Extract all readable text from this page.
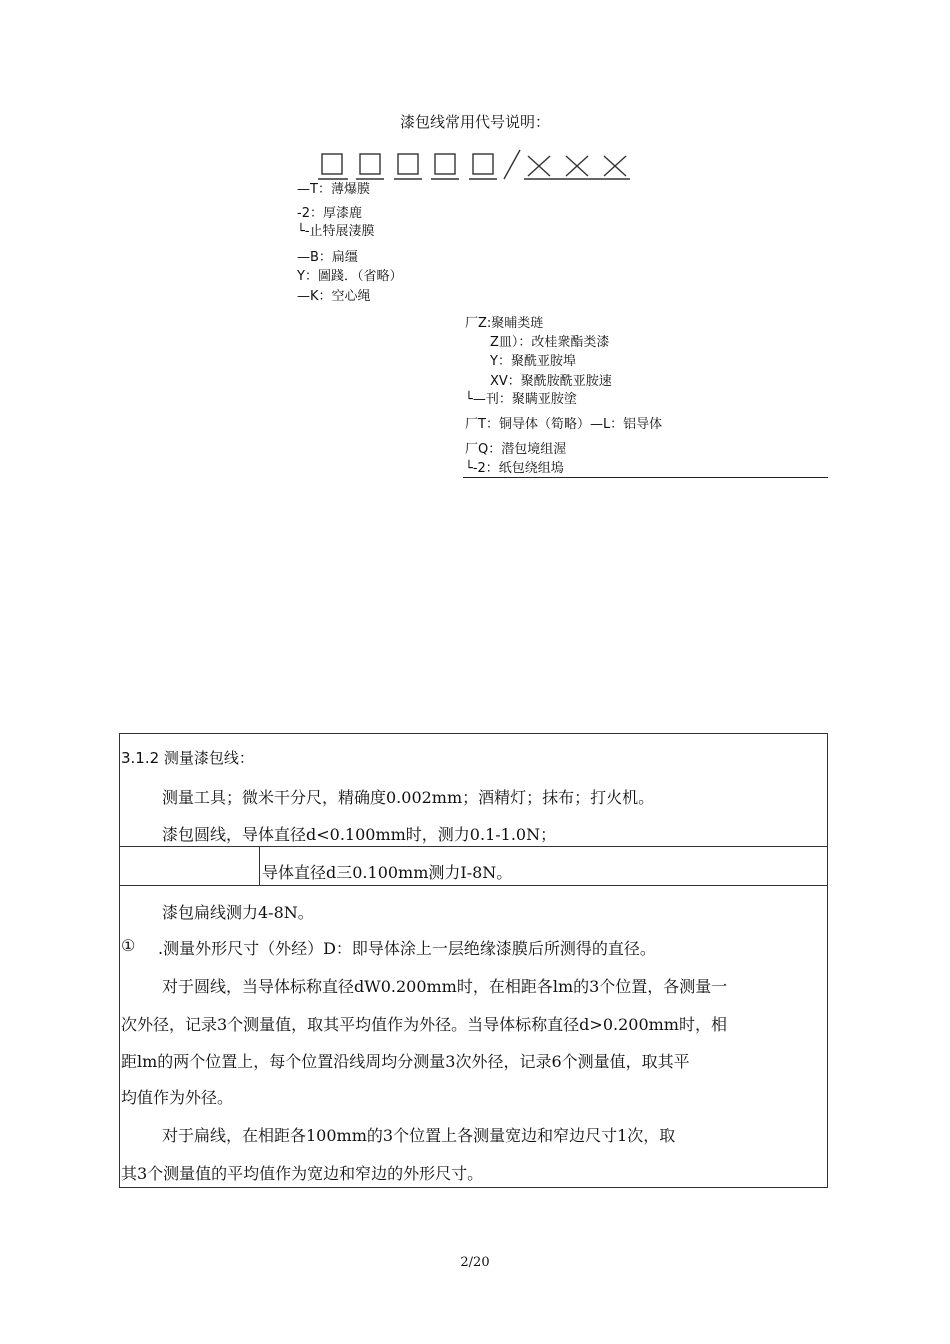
漆包线常用代号说明：
—T：薄爆膜
-2：厚漆鹿
└-止特展淒膜
—B：扁缰
Y：圖踐．（省略）
—K：空心绳
厂Z:聚晡类琏
Z皿）：改桂衆酯类漆
Y：聚酰亚胺埠
XV：聚酰胺酰亚胺速
└—刊：聚瞒亚胺塗
厂T：铜导体（筍略）—L：铝导体
厂Q：潜包境组渥
└-2：纸包绕组塢
3.1.2 测量漆包线：
测量工具；微米干分尺，精确度0.002mm；酒精灯；抹布；打火机。
漆包圆线，导体直径d<0.100mm时，测力0.1-1.0N；
导体直径d三0.100mm测力I-8N。
漆包扁线测力4-8N。
① .测量外形尺寸（外经）D：即导体涂上一层绝缘漆膜后所测得的直径。
对于圆线，当导体标称直径dW0.200mm时，在相距各lm的3个位置，各测量一
次外径，记录3个测量值，取其平均值作为外径。当导体标称直径d>0.200mm时，相
距lm的两个位置上，每个位置沿线周均分测量3次外径，记录6个测量值，取其平
均值作为外径。
对于扁线，在相距各100mm的3个位置上各测量宽边和窄边尺寸1次，取
其3个测量值的平均值作为宽边和窄边的外形尺寸。
2/20
